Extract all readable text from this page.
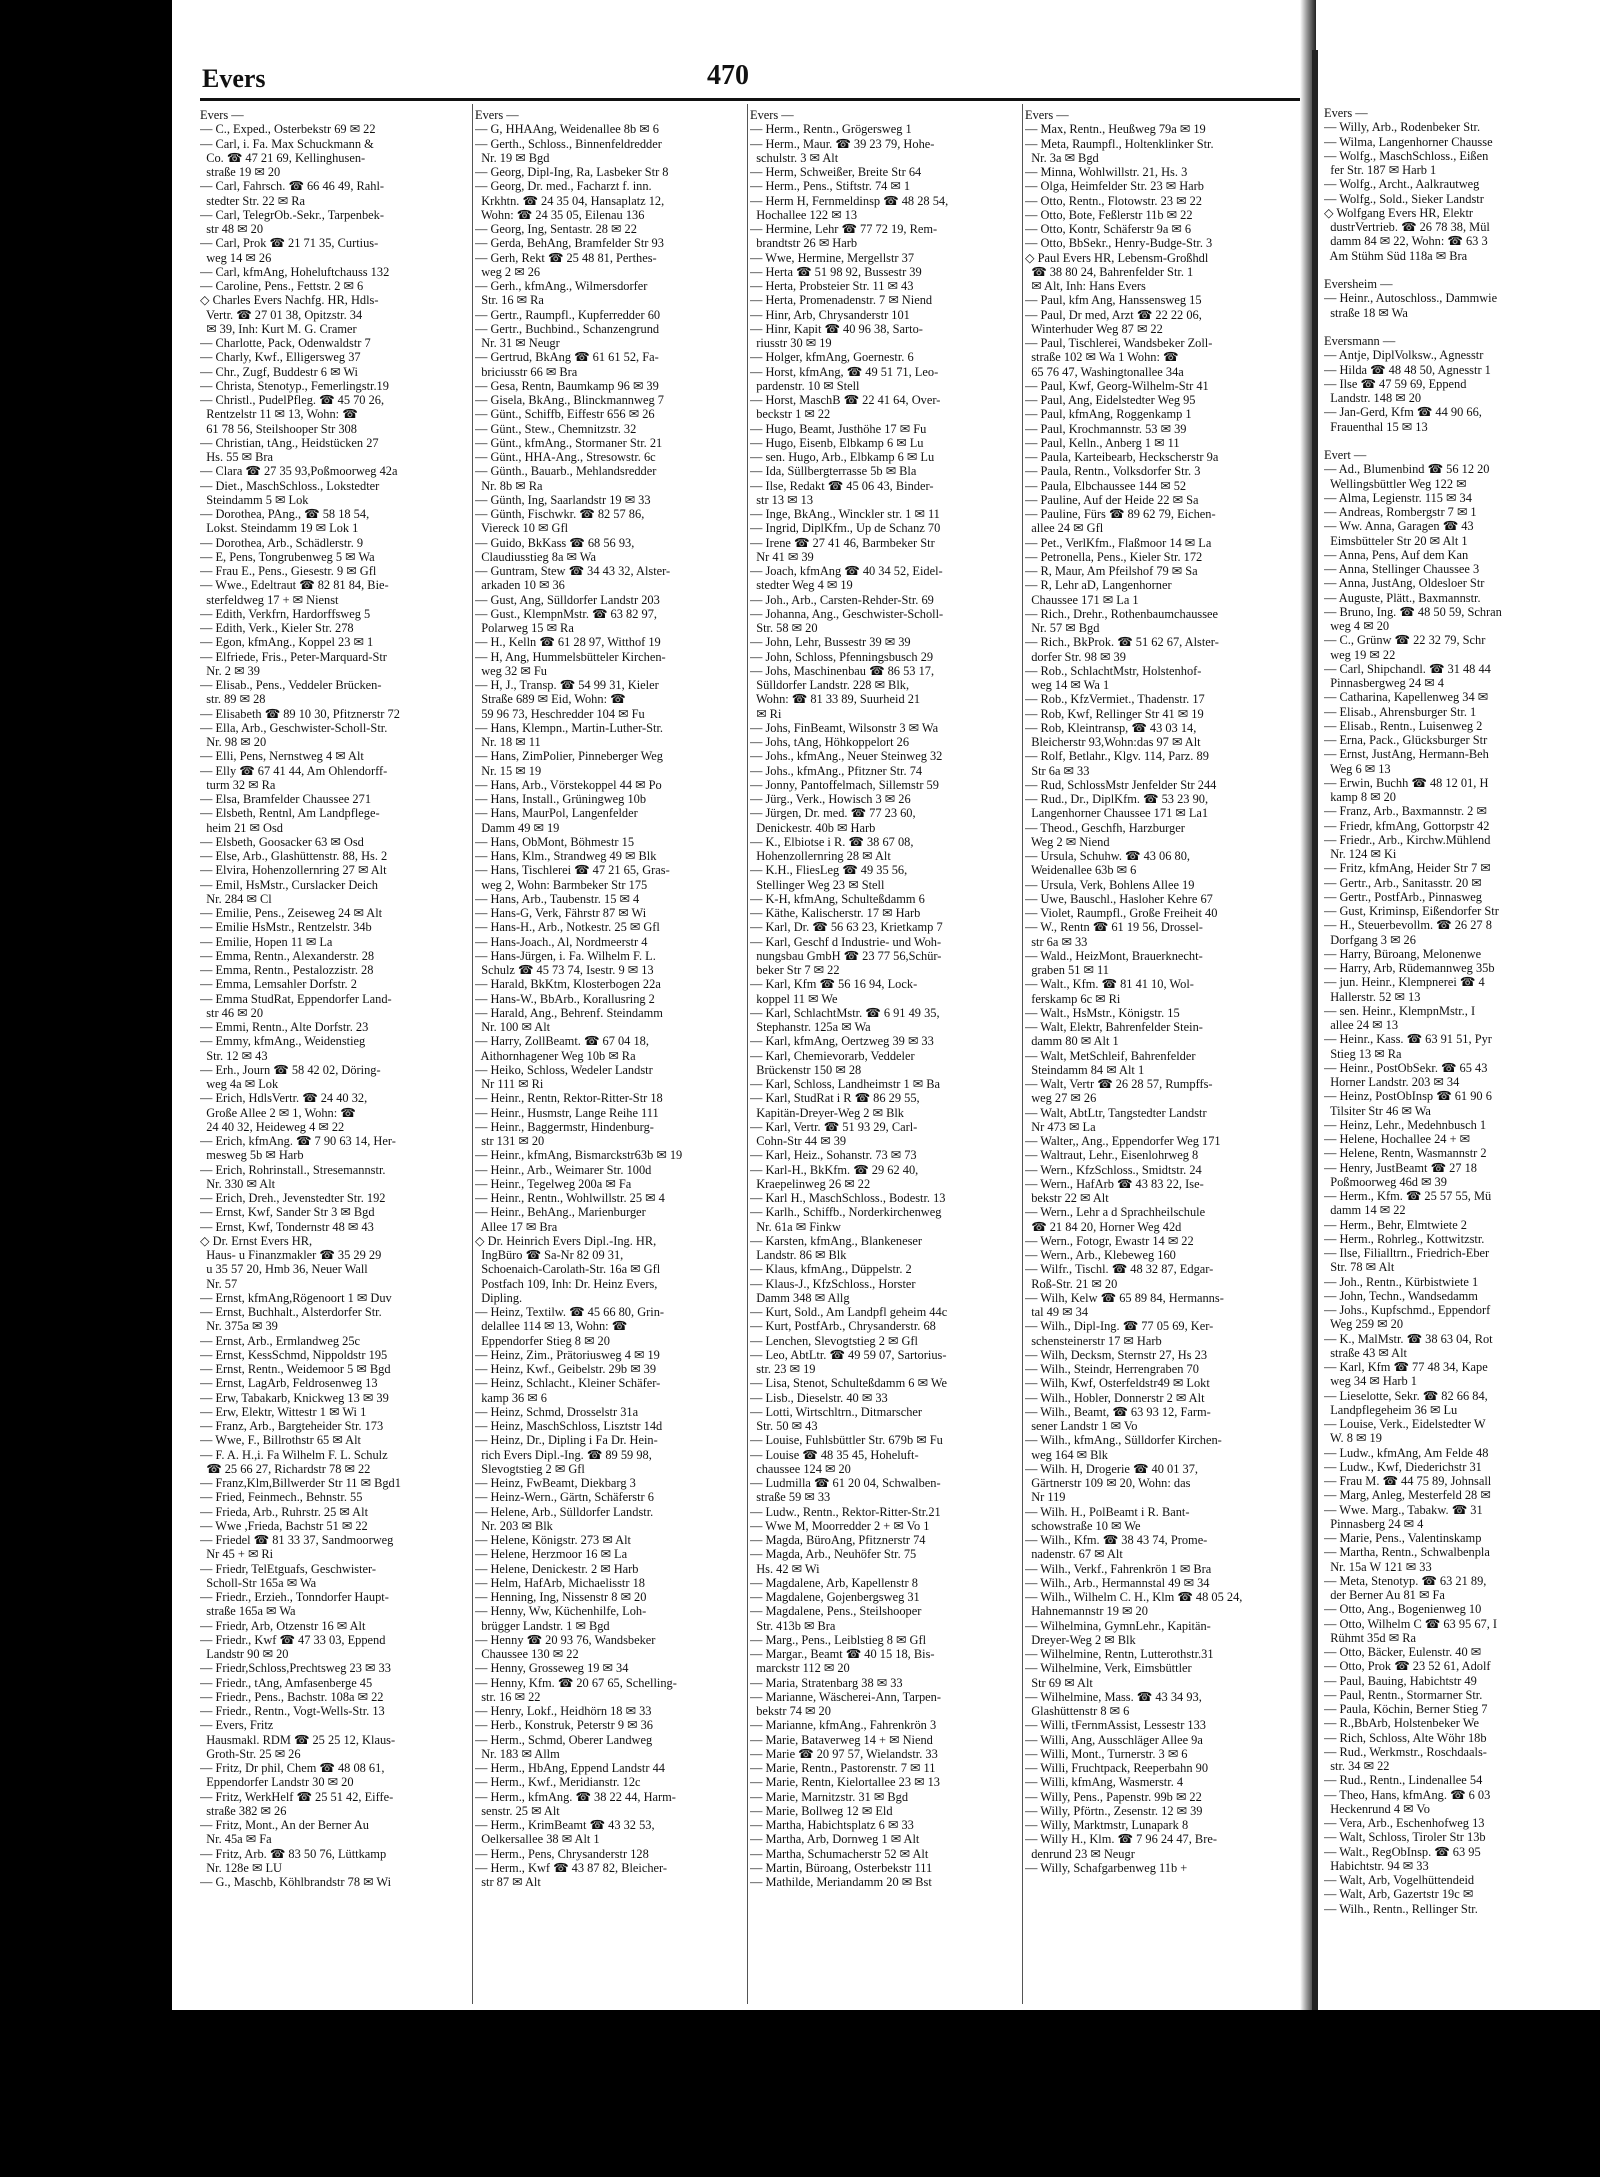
Evers	470
Evers —
— C., Exped., Osterbekstr 69 ✉ 22
— Carl, i. Fa. Max Schuckmann &
Co. ☎ 47 21 69, Kellinghusen-
straße 19 ✉ 20
— Carl, Fahrsch. ☎ 66 46 49, Rahl-
stedter Str. 22 ✉ Ra
— Carl, TelegrOb.-Sekr., Tarpenbek-
str 48 ✉ 20
— Carl, Prok ☎ 21 71 35, Curtius-
weg 14 ✉ 26
— Carl, kfmAng, Hoheluftchauss 132
— Caroline, Pens., Fettstr. 2 ✉ 6
◇ Charles Evers Nachfg. HR, Hdls-
Vertr. ☎ 27 01 38, Opitzstr. 34
✉ 39, Inh: Kurt M. G. Cramer
— Charlotte, Pack, Odenwaldstr 7
— Charly, Kwf., Elligersweg 37
— Chr., Zugf, Buddestr 6 ✉ Wi
— Christa, Stenotyp., Femerlingstr.19
— Christl., PudelPfleg. ☎ 45 70 26,
Rentzelstr 11 ✉ 13, Wohn: ☎
61 78 56, Steilshooper Str 308
— Christian, tAng., Heidstücken 27
Hs. 55 ✉ Bra
— Clara ☎ 27 35 93,Poßmoorweg 42a
— Diet., MaschSchloss., Lokstedter
Steindamm 5 ✉ Lok
— Dorothea, PAng., ☎ 58 18 54,
Lokst. Steindamm 19 ✉ Lok 1
— Dorothea, Arb., Schädlerstr. 9
— E, Pens, Tongrubenweg 5 ✉ Wa
— Frau E., Pens., Giesestr. 9 ✉ Gfl
— Wwe., Edeltraut ☎ 82 81 84, Bie-
sterfeldweg 17 + ✉ Nienst
— Edith, Verkfrn, Hardorffsweg 5
— Edith, Verk., Kieler Str. 278
— Egon, kfmAng., Koppel 23 ✉ 1
— Elfriede, Fris., Peter-Marquard-Str
Nr. 2 ✉ 39
— Elisab., Pens., Veddeler Brücken-
str. 89 ✉ 28
— Elisabeth ☎ 89 10 30, Pfitznerstr 72
— Ella, Arb., Geschwister-Scholl-Str.
Nr. 98 ✉ 20
— Elli, Pens, Nernstweg 4 ✉ Alt
— Elly ☎ 67 41 44, Am Ohlendorff-
turm 32 ✉ Ra
— Elsa, Bramfelder Chaussee 271
— Elsbeth, Rentnl, Am Landpflege-
heim 21 ✉ Osd
— Elsbeth, Goosacker 63 ✉ Osd
— Else, Arb., Glashüttenstr. 88, Hs. 2
— Elvira, Hohenzollernring 27 ✉ Alt
— Emil, HsMstr., Curslacker Deich
Nr. 284 ✉ Cl
— Emilie, Pens., Zeiseweg 24 ✉ Alt
— Emilie HsMstr., Rentzelstr. 34b
— Emilie, Hopen 11 ✉ La
— Emma, Rentn., Alexanderstr. 28
— Emma, Rentn., Pestalozzistr. 28
— Emma, Lemsahler Dorfstr. 2
— Emma StudRat, Eppendorfer Land-
str 46 ✉ 20
— Emmi, Rentn., Alte Dorfstr. 23
— Emmy, kfmAng., Weidenstieg
Str. 12 ✉ 43
— Erh., Journ ☎ 58 42 02, Döring-
weg 4a ✉ Lok
— Erich, HdlsVertr. ☎ 24 40 32,
Große Allee 2 ✉ 1, Wohn: ☎
24 40 32, Heideweg 4 ✉ 22
— Erich, kfmAng. ☎ 7 90 63 14, Her-
mesweg 5b ✉ Harb
— Erich, Rohrinstall., Stresemannstr.
Nr. 330 ✉ Alt
— Erich, Dreh., Jevenstedter Str. 192
— Ernst, Kwf, Sander Str 3 ✉ Bgd
— Ernst, Kwf, Tondernstr 48 ✉ 43
◇ Dr. Ernst Evers HR,
Haus- u Finanzmakler ☎ 35 29 29
u 35 57 20, Hmb 36, Neuer Wall
Nr. 57
— Ernst, kfmAng,Rögenoort 1 ✉ Duv
— Ernst, Buchhalt., Alsterdorfer Str.
Nr. 375a ✉ 39
— Ernst, Arb., Ermlandweg 25c
— Ernst, KessSchmd, Nippoldstr 195
— Ernst, Rentn., Weidemoor 5 ✉ Bgd
— Ernst, LagArb, Feldrosenweg 13
— Erw, Tabakarb, Knickweg 13 ✉ 39
— Erw, Elektr, Wittestr 1 ✉ Wi 1
— Franz, Arb., Bargteheider Str. 173
— Wwe, F., Billrothstr 65 ✉ Alt
— F. A. H.,i. Fa Wilhelm F. L. Schulz
☎ 25 66 27, Richardstr 78 ✉ 22
— Franz,Klm,Billwerder Str 11 ✉ Bgd1
— Fried, Feinmech., Behnstr. 55
— Frieda, Arb., Ruhrstr. 25 ✉ Alt
— Wwe ,Frieda, Bachstr 51 ✉ 22
— Friedel ☎ 81 33 37, Sandmoorweg
Nr 45 + ✉ Ri
— Friedr, TelEtguafs, Geschwister-
Scholl-Str 165a ✉ Wa
— Friedr., Erzieh., Tonndorfer Haupt-
straße 165a ✉ Wa
— Friedr, Arb, Otzenstr 16 ✉ Alt
— Friedr., Kwf ☎ 47 33 03, Eppend
Landstr 90 ✉ 20
— Friedr,Schloss,Prechtsweg 23 ✉ 33
— Friedr., tAng, Amfasenberge 45
— Friedr., Pens., Bachstr. 108a ✉ 22
— Friedr., Rentn., Vogt-Wells-Str. 13
— Evers, Fritz
Hausmakl. RDM ☎ 25 25 12, Klaus-
Groth-Str. 25 ✉ 26
— Fritz, Dr phil, Chem ☎ 48 08 61,
Eppendorfer Landstr 30 ✉ 20
— Fritz, WerkHelf ☎ 25 51 42, Eiffe-
straße 382 ✉ 26
— Fritz, Mont., An der Berner Au
Nr. 45a ✉ Fa
— Fritz, Arb. ☎ 83 50 76, Lüttkamp
Nr. 128e ✉ LU
— G., Maschb, Köhlbrandstr 78 ✉ Wi
Evers —
— G, HHAAng, Weidenallee 8b ✉ 6
— Gerth., Schloss., Binnenfeldredder
Nr. 19 ✉ Bgd
— Georg, Dipl-Ing, Ra, Lasbeker Str 8
— Georg, Dr. med., Facharzt f. inn.
Krkhtn. ☎ 24 35 04, Hansaplatz 12,
Wohn: ☎ 24 35 05, Eilenau 136
— Georg, Ing, Sentastr. 28 ✉ 22
— Gerda, BehAng, Bramfelder Str 93
— Gerh, Rekt ☎ 25 48 81, Perthes-
weg 2 ✉ 26
— Gerh., kfmAng., Wilmersdorfer
Str. 16 ✉ Ra
— Gertr., Raumpfl., Kupferredder 60
— Gertr., Buchbind., Schanzengrund
Nr. 31 ✉ Neugr
— Gertrud, BkAng ☎ 61 61 52, Fa-
briciusstr 66 ✉ Bra
— Gesa, Rentn, Baumkamp 96 ✉ 39
— Gisela, BkAng., Blinckmannweg 7
— Günt., Schiffb, Eiffestr 656 ✉ 26
— Günt., Stew., Chemnitzstr. 32
— Günt., kfmAng., Stormaner Str. 21
— Günt., HHA-Ang., Stresowstr. 6c
— Günth., Bauarb., Mehlandsredder
Nr. 8b ✉ Ra
— Günth, Ing, Saarlandstr 19 ✉ 33
— Günth, Fischwkr. ☎ 82 57 86,
Viereck 10 ✉ Gfl
— Guido, BkKass ☎ 68 56 93,
Claudiusstieg 8a ✉ Wa
— Guntram, Stew ☎ 34 43 32, Alster-
arkaden 10 ✉ 36
— Gust, Ang, Sülldorfer Landstr 203
— Gust., KlempnMstr. ☎ 63 82 97,
Polarweg 15 ✉ Ra
— H., Kelln ☎ 61 28 97, Witthof 19
— H, Ang, Hummelsbütteler Kirchen-
weg 32 ✉ Fu
— H, J., Transp. ☎ 54 99 31, Kieler
Straße 689 ✉ Eid, Wohn: ☎
59 96 73, Heschredder 104 ✉ Fu
— Hans, Klempn., Martin-Luther-Str.
Nr. 18 ✉ 11
— Hans, ZimPolier, Pinneberger Weg
Nr. 15 ✉ 19
— Hans, Arb., Vörstekoppel 44 ✉ Po
— Hans, Install., Grüningweg 10b
— Hans, MaurPol, Langenfelder
Damm 49 ✉ 19
— Hans, ObMont, Böhmestr 15
— Hans, Klm., Strandweg 49 ✉ Blk
— Hans, Tischlerei ☎ 47 21 65, Gras-
weg 2, Wohn: Barmbeker Str 175
— Hans, Arb., Taubenstr. 15 ✉ 4
— Hans-G, Verk, Fährstr 87 ✉ Wi
— Hans-H., Arb., Notkestr. 25 ✉ Gfl
— Hans-Joach., Al, Nordmeerstr 4
— Hans-Jürgen, i. Fa. Wilhelm F. L.
Schulz ☎ 45 73 74, Isestr. 9 ✉ 13
— Harald, BkKtm, Klosterbogen 22a
— Hans-W., BbArb., Korallusring 2
— Harald, Ang., Behrenf. Steindamm
Nr. 100 ✉ Alt
— Harry, ZollBeamt. ☎ 67 04 18,
Aithornhagener Weg 10b ✉ Ra
— Heiko, Schloss, Wedeler Landstr
Nr 111 ✉ Ri
— Heinr., Rentn, Rektor-Ritter-Str 18
— Heinr., Husmstr, Lange Reihe 111
— Heinr., Baggermstr, Hindenburg-
str 131 ✉ 20
— Heinr., kfmAng, Bismarckstr63b ✉ 19
— Heinr., Arb., Weimarer Str. 100d
— Heinr., Tegelweg 200a ✉ Fa
— Heinr., Rentn., Wohlwillstr. 25 ✉ 4
— Heinr., BehAng., Marienburger
Allee 17 ✉ Bra
◇ Dr. Heinrich Evers Dipl.-Ing. HR,
IngBüro ☎ Sa-Nr 82 09 31,
Schoenaich-Carolath-Str. 16a ✉ Gfl
Postfach 109, Inh: Dr. Heinz Evers,
Dipling.
— Heinz, Textilw. ☎ 45 66 80, Grin-
delallee 114 ✉ 13, Wohn: ☎
Eppendorfer Stieg 8 ✉ 20
— Heinz, Zim., Prätoriusweg 4 ✉ 19
— Heinz, Kwf., Geibelstr. 29b ✉ 39
— Heinz, Schlacht., Kleiner Schäfer-
kamp 36 ✉ 6
— Heinz, Schmd, Drosselstr 31a
— Heinz, MaschSchloss, Lisztstr 14d
— Heinz, Dr., Dipling i Fa Dr. Hein-
rich Evers Dipl.-Ing. ☎ 89 59 98,
Slevogtstieg 2 ✉ Gfl
— Heinz, FwBeamt, Diekbarg 3
— Heinz-Wern., Gärtn, Schäferstr 6
— Helene, Arb., Sülldorfer Landstr.
Nr. 203 ✉ Blk
— Helene, Königstr. 273 ✉ Alt
— Helene, Herzmoor 16 ✉ La
— Helene, Denickestr. 2 ✉ Harb
— Helm, HafArb, Michaelisstr 18
— Henning, Ing, Nissenstr 8 ✉ 20
— Henny, Ww, Küchenhilfe, Loh-
brügger Landstr. 1 ✉ Bgd
— Henny ☎ 20 93 76, Wandsbeker
Chaussee 130 ✉ 22
— Henny, Grosseweg 19 ✉ 34
— Henny, Kfm. ☎ 20 67 65, Schelling-
str. 16 ✉ 22
— Henry, Lokf., Heidhörn 18 ✉ 33
— Herb., Konstruk, Peterstr 9 ✉ 36
— Herm., Schmd, Oberer Landweg
Nr. 183 ✉ Allm
— Herm., HbAng, Eppend Landstr 44
— Herm., Kwf., Meridianstr. 12c
— Herm., kfmAng. ☎ 38 22 44, Harm-
senstr. 25 ✉ Alt
— Herm., KrimBeamt ☎ 43 32 53,
Oelkersallee 38 ✉ Alt 1
— Herm., Pens, Chrysanderstr 128
— Herm., Kwf ☎ 43 87 82, Bleicher-
str 87 ✉ Alt
Evers —
— Herm., Rentn., Grögersweg 1
— Herm., Maur. ☎ 39 23 79, Hohe-
schulstr. 3 ✉ Alt
— Herm, Schweißer, Breite Str 64
— Herm., Pens., Stiftstr. 74 ✉ 1
— Herm H, Fernmeldinsp ☎ 48 28 54,
Hochallee 122 ✉ 13
— Hermine, Lehr ☎ 77 72 19, Rem-
brandtstr 26 ✉ Harb
— Wwe, Hermine, Mergellstr 37
— Herta ☎ 51 98 92, Bussestr 39
— Herta, Probsteier Str. 11 ✉ 43
— Herta, Promenadenstr. 7 ✉ Niend
— Hinr, Arb, Chrysanderstr 101
— Hinr, Kapit ☎ 40 96 38, Sarto-
riusstr 30 ✉ 19
— Holger, kfmAng, Goernestr. 6
— Horst, kfmAng, ☎ 49 51 71, Leo-
pardenstr. 10 ✉ Stell
— Horst, MaschB ☎ 22 41 64, Over-
beckstr 1 ✉ 22
— Hugo, Beamt, Justhöhe 17 ✉ Fu
— Hugo, Eisenb, Elbkamp 6 ✉ Lu
— sen. Hugo, Arb., Elbkamp 6 ✉ Lu
— Ida, Süllbergterrasse 5b ✉ Bla
— Ilse, Redakt ☎ 45 06 43, Binder-
str 13 ✉ 13
— Inge, BkAng., Winckler str. 1 ✉ 11
— Ingrid, DiplKfm., Up de Schanz 70
— Irene ☎ 27 41 46, Barmbeker Str
Nr 41 ✉ 39
— Joach, kfmAng ☎ 40 34 52, Eidel-
stedter Weg 4 ✉ 19
— Joh., Arb., Carsten-Rehder-Str. 69
— Johanna, Ang., Geschwister-Scholl-
Str. 58 ✉ 20
— John, Lehr, Bussestr 39 ✉ 39
— John, Schloss, Pfenningsbusch 29
— Johs, Maschinenbau ☎ 86 53 17,
Sülldorfer Landstr. 228 ✉ Blk,
Wohn: ☎ 81 33 89, Suurheid 21
✉ Ri
— Johs, FinBeamt, Wilsonstr 3 ✉ Wa
— Johs, tAng, Höhkoppelort 26
— Johs., kfmAng., Neuer Steinweg 32
— Johs., kfmAng., Pfitzner Str. 74
— Jonny, Pantoffelmach, Sillemstr 59
— Jürg., Verk., Howisch 3 ✉ 26
— Jürgen, Dr. med. ☎ 77 23 60,
Denickestr. 40b ✉ Harb
— K., Elbiotse i R. ☎ 38 67 08,
Hohenzollernring 28 ✉ Alt
— K.H., FliesLeg ☎ 49 35 56,
Stellinger Weg 23 ✉ Stell
— K-H, kfmAng, Schulteßdamm 6
— Käthe, Kalischerstr. 17 ✉ Harb
— Karl, Dr. ☎ 56 63 23, Krietkamp 7
— Karl, Geschf d Industrie- und Woh-
nungsbau GmbH ☎ 23 77 56,Schür-
beker Str 7 ✉ 22
— Karl, Kfm ☎ 56 16 94, Lock-
koppel 11 ✉ We
— Karl, SchlachtMstr. ☎ 6 91 49 35,
Stephanstr. 125a ✉ Wa
— Karl, kfmAng, Oertzweg 39 ✉ 33
— Karl, Chemievorarb, Veddeler
Brückenstr 150 ✉ 28
— Karl, Schloss, Landheimstr 1 ✉ Ba
— Karl, StudRat i R ☎ 86 29 55,
Kapitän-Dreyer-Weg 2 ✉ Blk
— Karl, Vertr. ☎ 51 93 29, Carl-
Cohn-Str 44 ✉ 39
— Karl, Heiz., Sohanstr. 73 ✉ 73
— Karl-H., BkKfm. ☎ 29 62 40,
Kraepelinweg 26 ✉ 22
— Karl H., MaschSchloss., Bodestr. 13
— Karlh., Schiffb., Norderkirchenweg
Nr. 61a ✉ Finkw
— Karsten, kfmAng., Blankeneser
Landstr. 86 ✉ Blk
— Klaus, kfmAng., Düppelstr. 2
— Klaus-J., KfzSchloss., Horster
Damm 348 ✉ Allg
— Kurt, Sold., Am Landpfl geheim 44c
— Kurt, PostfArb., Chrysanderstr. 68
— Lenchen, Slevogtstieg 2 ✉ Gfl
— Leo, AbtLtr. ☎ 49 59 07, Sartorius-
str. 23 ✉ 19
— Lisa, Stenot, Schulteßdamm 6 ✉ We
— Lisb., Dieselstr. 40 ✉ 33
— Lotti, Wirtschltrn., Ditmarscher
Str. 50 ✉ 43
— Louise, Fuhlsbüttler Str. 679b ✉ Fu
— Louise ☎ 48 35 45, Hoheluft-
chaussee 124 ✉ 20
— Ludmilla ☎ 61 20 04, Schwalben-
straße 59 ✉ 33
— Ludw., Rentn., Rektor-Ritter-Str.21
— Wwe M, Moorredder 2 + ✉ Vo 1
— Magda, BüroAng, Pfitznerstr 74
— Magda, Arb., Neuhöfer Str. 75
Hs. 42 ✉ Wi
— Magdalene, Arb, Kapellenstr 8
— Magdalene, Gojenbergsweg 31
— Magdalene, Pens., Steilshooper
Str. 413b ✉ Bra
— Marg., Pens., Leiblstieg 8 ✉ Gfl
— Margar., Beamt ☎ 40 15 18, Bis-
marckstr 112 ✉ 20
— Maria, Stratenbarg 38 ✉ 33
— Marianne, Wäscherei-Ann, Tarpen-
bekstr 74 ✉ 20
— Marianne, kfmAng., Fahrenkrön 3
— Marie, Bataverweg 14 + ✉ Niend
— Marie ☎ 20 97 57, Wielandstr. 33
— Marie, Rentn., Pastorenstr. 7 ✉ 11
— Marie, Rentn, Kielortallee 23 ✉ 13
— Marie, Marnitzstr. 31 ✉ Bgd
— Marie, Bollweg 12 ✉ Eld
— Martha, Habichtsplatz 6 ✉ 33
— Martha, Arb, Dornweg 1 ✉ Alt
— Martha, Schumacherstr 52 ✉ Alt
— Martin, Büroang, Osterbekstr 111
— Mathilde, Meriandamm 20 ✉ Bst
Evers —
— Max, Rentn., Heußweg 79a ✉ 19
— Meta, Raumpfl., Holtenklinker Str.
Nr. 3a ✉ Bgd
— Minna, Wohlwillstr. 21, Hs. 3
— Olga, Heimfelder Str. 23 ✉ Harb
— Otto, Rentn., Flotowstr. 23 ✉ 22
— Otto, Bote, Feßlerstr 11b ✉ 22
— Otto, Kontr, Schäferstr 9a ✉ 6
— Otto, BbSekr., Henry-Budge-Str. 3
◇ Paul Evers HR, Lebensm-Großhdl
☎ 38 80 24, Bahrenfelder Str. 1
✉ Alt, Inh: Hans Evers
— Paul, kfm Ang, Hanssensweg 15
— Paul, Dr med, Arzt ☎ 22 22 06,
Winterhuder Weg 87 ✉ 22
— Paul, Tischlerei, Wandsbeker Zoll-
straße 102 ✉ Wa 1 Wohn: ☎
65 76 47, Washingtonallee 34a
— Paul, Kwf, Georg-Wilhelm-Str 41
— Paul, Ang, Eidelstedter Weg 95
— Paul, kfmAng, Roggenkamp 1
— Paul, Krochmannstr. 53 ✉ 39
— Paul, Kelln., Anberg 1 ✉ 11
— Paula, Karteibearb, Heckscherstr 9a
— Paula, Rentn., Volksdorfer Str. 3
— Paula, Elbchaussee 144 ✉ 52
— Pauline, Auf der Heide 22 ✉ Sa
— Pauline, Fürs ☎ 89 62 79, Eichen-
allee 24 ✉ Gfl
— Pet., VerlKfm., Flaßmoor 14 ✉ La
— Petronella, Pens., Kieler Str. 172
— R, Maur, Am Pfeilshof 79 ✉ Sa
— R, Lehr aD, Langenhorner
Chaussee 171 ✉ La 1
— Rich., Drehr., Rothenbaumchaussee
Nr. 57 ✉ Bgd
— Rich., BkProk. ☎ 51 62 67, Alster-
dorfer Str. 98 ✉ 39
— Rob., SchlachtMstr, Holstenhof-
weg 14 ✉ Wa 1
— Rob., KfzVermiet., Thadenstr. 17
— Rob, Kwf, Rellinger Str 41 ✉ 19
— Rob, Kleintransp, ☎ 43 03 14,
Bleicherstr 93,Wohn:das 97 ✉ Alt
— Rolf, Betlahr., Klgv. 114, Parz. 89
Str 6a ✉ 33
— Rud, SchlossMstr Jenfelder Str 244
— Rud., Dr., DiplKfm. ☎ 53 23 90,
Langenhorner Chaussee 171 ✉ La1
— Theod., Geschfh, Harzburger
Weg 2 ✉ Niend
— Ursula, Schuhw. ☎ 43 06 80,
Weidenallee 63b ✉ 6
— Ursula, Verk, Bohlens Allee 19
— Uwe, Bauschl., Hasloher Kehre 67
— Violet, Raumpfl., Große Freiheit 40
— W., Rentn ☎ 61 19 56, Drossel-
str 6a ✉ 33
— Wald., HeizMont, Brauerknecht-
graben 51 ✉ 11
— Walt., Kfm. ☎ 81 41 10, Wol-
ferskamp 6c ✉ Ri
— Walt., HsMstr., Königstr. 15
— Walt, Elektr, Bahrenfelder Stein-
damm 80 ✉ Alt 1
— Walt, MetSchleif, Bahrenfelder
Steindamm 84 ✉ Alt 1
— Walt, Vertr ☎ 26 28 57, Rumpffs-
weg 27 ✉ 26
— Walt, AbtLtr, Tangstedter Landstr
Nr 473 ✉ La
— Walter,, Ang., Eppendorfer Weg 171
— Waltraut, Lehr., Eisenlohrweg 8
— Wern., KfzSchloss., Smidtstr. 24
— Wern., HafArb ☎ 43 83 22, Ise-
bekstr 22 ✉ Alt
— Wern., Lehr a d Sprachheilschule
☎ 21 84 20, Horner Weg 42d
— Wern., Fotogr, Ewastr 14 ✉ 22
— Wern., Arb., Klebeweg 160
— Wilfr., Tischl. ☎ 48 32 87, Edgar-
Roß-Str. 21 ✉ 20
— Wilh, Kelw ☎ 65 89 84, Hermanns-
tal 49 ✉ 34
— Wilh., Dipl-Ing. ☎ 77 05 69, Ker-
schensteinerstr 17 ✉ Harb
— Wilh, Decksm, Sternstr 27, Hs 23
— Wilh., Steindr, Herrengraben 70
— Wilh, Kwf, Osterfeldstr49 ✉ Lokt
— Wilh., Hobler, Donnerstr 2 ✉ Alt
— Wilh., Beamt, ☎ 63 93 12, Farm-
sener Landstr 1 ✉ Vo
— Wilh., kfmAng., Sülldorfer Kirchen-
weg 164 ✉ Blk
— Wilh. H, Drogerie ☎ 40 01 37,
Gärtnerstr 109 ✉ 20, Wohn: das
Nr 119
— Wilh. H., PolBeamt i R. Bant-
schowstraße 10 ✉ We
— Wilh., Kfm. ☎ 38 43 74, Prome-
nadenstr. 67 ✉ Alt
— Wilh., Verkf., Fahrenkrön 1 ✉ Bra
— Wilh., Arb., Hermannstal 49 ✉ 34
— Wilh., Wilhelm C. H., Klm ☎ 48 05 24,
Hahnemannstr 19 ✉ 20
— Wilhelmina, GymnLehr., Kapitän-
Dreyer-Weg 2 ✉ Blk
— Wilhelmine, Rentn, Lutterothstr.31
— Wilhelmine, Verk, Eimsbüttler
Str 69 ✉ Alt
— Wilhelmine, Mass. ☎ 43 34 93,
Glashüttenstr 8 ✉ 6
— Willi, tFernmAssist, Lessestr 133
— Willi, Ang, Ausschläger Allee 9a
— Willi, Mont., Turnerstr. 3 ✉ 6
— Willi, Fruchtpack, Reeperbahn 90
— Willi, kfmAng, Wasmerstr. 4
— Willy, Pens., Papenstr. 99b ✉ 22
— Willy, Pförtn., Zesenstr. 12 ✉ 39
— Willy, Marktmstr, Lunapark 8
— Willy H., Klm. ☎ 7 96 24 47, Bre-
denrund 23 ✉ Neugr
— Willy, Schafgarbenweg 11b +
Evers —
— Willy, Arb., Rodenbeker Str.
— Wilma, Langenhorner Chausse
— Wolfg., MaschSchloss., Eißen
fer Str. 187 ✉ Harb 1
— Wolfg., Archt., Aalkrautweg
— Wolfg., Sold., Sieker Landstr
◇ Wolfgang Evers HR, Elektr
dustrVertrieb. ☎ 26 78 38, Mül
damm 84 ✉ 22, Wohn: ☎ 63 3
Am Stühm Süd 118a ✉ Bra
Eversheim —
— Heinr., Autoschloss., Dammwie
straße 18 ✉ Wa
Eversmann —
— Antje, DiplVolksw., Agnesstr
— Hilda ☎ 48 48 50, Agnesstr 1
— Ilse ☎ 47 59 69, Eppend
Landstr. 148 ✉ 20
— Jan-Gerd, Kfm ☎ 44 90 66,
Frauenthal 15 ✉ 13
Evert —
— Ad., Blumenbind ☎ 56 12 20
Wellingsbüttler Weg 122 ✉
— Alma, Legienstr. 115 ✉ 34
— Andreas, Rombergstr 7 ✉ 1
— Ww. Anna, Garagen ☎ 43
Eimsbütteler Str 20 ✉ Alt 1
— Anna, Pens, Auf dem Kan
— Anna, Stellinger Chaussee 3
— Anna, JustAng, Oldesloer Str
— Auguste, Plätt., Baxmannstr.
— Bruno, Ing. ☎ 48 50 59, Schran
weg 4 ✉ 20
— C., Grünw ☎ 22 32 79, Schr
weg 19 ✉ 22
— Carl, Shipchandl. ☎ 31 48 44
Pinnasbergweg 24 ✉ 4
— Catharina, Kapellenweg 34 ✉
— Elisab., Ahrensburger Str. 1
— Elisab., Rentn., Luisenweg 2
— Erna, Pack., Glücksburger Str
— Ernst, JustAng, Hermann-Beh
Weg 6 ✉ 13
— Erwin, Buchh ☎ 48 12 01, H
kamp 8 ✉ 20
— Franz, Arb., Baxmannstr. 2 ✉
— Friedr, kfmAng, Gottorpstr 42
— Friedr., Arb., Kirchw.Mühlend
Nr. 124 ✉ Ki
— Fritz, kfmAng, Heider Str 7 ✉
— Gertr., Arb., Sanitasstr. 20 ✉
— Gertr., PostfArb., Pinnasweg
— Gust, Kriminsp, Eißendorfer Str
— H., Steuerbevollm. ☎ 26 27 8
Dorfgang 3 ✉ 26
— Harry, Büroang, Melonenwe
— Harry, Arb, Rüdemannweg 35b
— jun. Heinr., Klempnerei ☎ 4
Hallerstr. 52 ✉ 13
— sen. Heinr., KlempnMstr., I
allee 24 ✉ 13
— Heinr., Kass. ☎ 63 91 51, Pyr
Stieg 13 ✉ Ra
— Heinr., PostObSekr. ☎ 65 43
Horner Landstr. 203 ✉ 34
— Heinz, PostObInsp ☎ 61 90 6
Tilsiter Str 46 ✉ Wa
— Heinz, Lehr., Medehnbusch 1
— Helene, Hochallee 24 + ✉
— Helene, Rentn, Wasmannstr 2
— Henry, JustBeamt ☎ 27 18
Poßmoorweg 46d ✉ 39
— Herm., Kfm. ☎ 25 57 55, Mü
damm 14 ✉ 22
— Herm., Behr, Elmtwiete 2
— Herm., Rohrleg., Kottwitzstr.
— Ilse, Filialltrn., Friedrich-Eber
Str. 78 ✉ Alt
— Joh., Rentn., Kürbistwiete 1
— John, Techn., Wandsedamm
— Johs., Kupfschmd., Eppendorf
Weg 259 ✉ 20
— K., MalMstr. ☎ 38 63 04, Rot
straße 43 ✉ Alt
— Karl, Kfm ☎ 77 48 34, Kape
weg 34 ✉ Harb 1
— Lieselotte, Sekr. ☎ 82 66 84,
Landpflegeheim 36 ✉ Lu
— Louise, Verk., Eidelstedter W
W. 8 ✉ 19
— Ludw., kfmAng, Am Felde 48
— Ludw., Kwf, Diederichstr 31
— Frau M. ☎ 44 75 89, Johnsall
— Marg, Anleg, Mesterfeld 28 ✉
— Wwe. Marg., Tabakw. ☎ 31
Pinnasberg 24 ✉ 4
— Marie, Pens., Valentinskamp
— Martha, Rentn., Schwalbenpla
Nr. 15a W 121 ✉ 33
— Meta, Stenotyp. ☎ 63 21 89,
der Berner Au 81 ✉ Fa
— Otto, Ang., Bogenienweg 10
— Otto, Wilhelm C ☎ 63 95 67, I
Rühmt 35d ✉ Ra
— Otto, Bäcker, Eulenstr. 40 ✉
— Otto, Prok ☎ 23 52 61, Adolf
— Paul, Bauing, Habichtstr 49
— Paul, Rentn., Stormarner Str.
— Paula, Köchin, Berner Stieg 7
— R.,BbArb, Holstenbeker We
— Rich, Schloss, Alte Wöhr 18b
— Rud., Werkmstr., Roschdaals-
str. 34 ✉ 22
— Rud., Rentn., Lindenallee 54
— Theo, Hans, kfmAng. ☎ 6 03
Heckenrund 4 ✉ Vo
— Vera, Arb., Eschenhofweg 13
— Walt, Schloss, Tiroler Str 13b
— Walt., RegObInsp. ☎ 63 95
Habichtstr. 94 ✉ 33
— Walt, Arb, Vogelhüttendeid
— Walt, Arb, Gazertstr 19c ✉
— Wilh., Rentn., Rellinger Str.
